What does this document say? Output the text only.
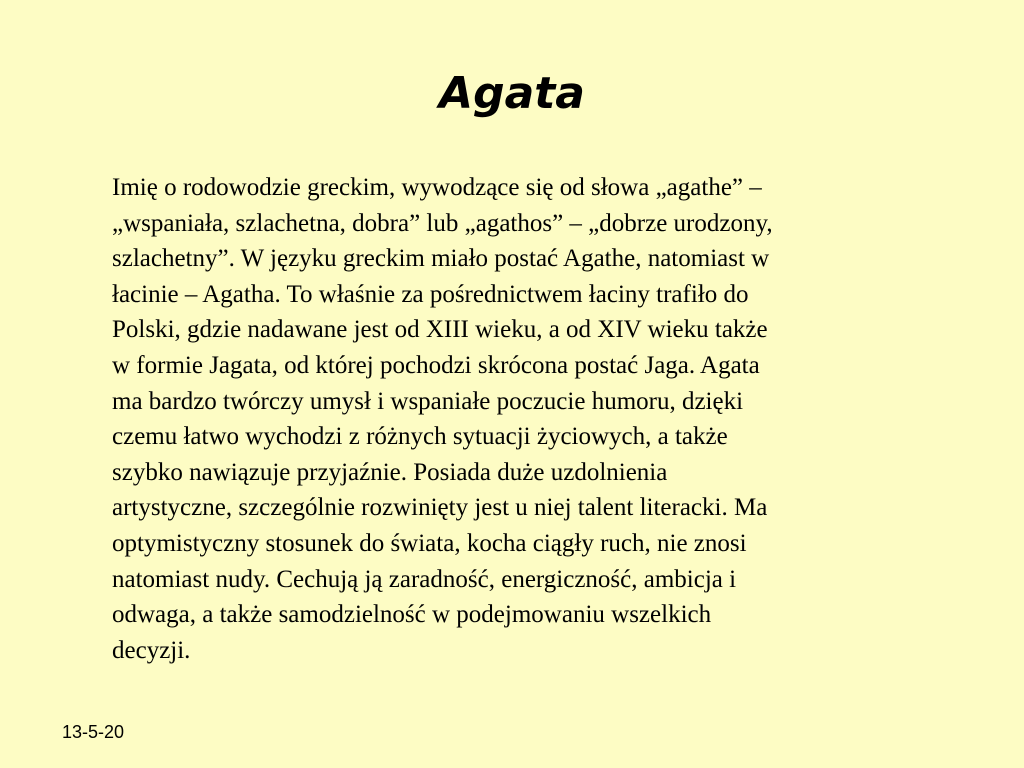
Agata
Imię o rodowodzie greckim, wywodzące się od słowa „agathe” –
„wspaniała, szlachetna, dobra” lub „agathos” – „dobrze urodzony,
szlachetny”. W języku greckim miało postać Agathe, natomiast w
łacinie – Agatha. To właśnie za pośrednictwem łaciny trafiło do
Polski, gdzie nadawane jest od XIII wieku, a od XIV wieku także
w formie Jagata, od której pochodzi skrócona postać Jaga. Agata
ma bardzo twórczy umysł i wspaniałe poczucie humoru, dzięki
czemu łatwo wychodzi z różnych sytuacji życiowych, a także
szybko nawiązuje przyjaźnie. Posiada duże uzdolnienia
artystyczne, szczególnie rozwinięty jest u niej talent literacki. Ma
optymistyczny stosunek do świata, kocha ciągły ruch, nie znosi
natomiast nudy. Cechują ją zaradność, energiczność, ambicja i
odwaga, a także samodzielność w podejmowaniu wszelkich
decyzji.
13-5-20
